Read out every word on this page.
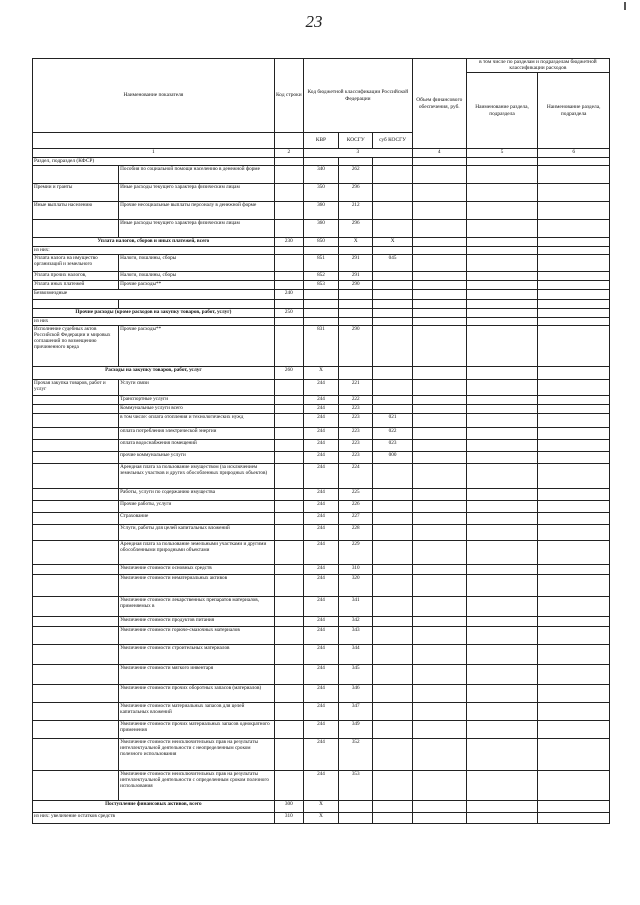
23
Наименование показателя		Код строки	Код бюджетной классификации Российской Федерации			Объем финансового обеспечения, руб.	в том числе по разделам и подразделам бюджетной классификации расходов	
							Наименование раздела, подраздела	Наименование раздела, подраздела
			КВР	КОСГУ	суб КОСГУ			
1		2	3			4	5	6
Раздел, подраздел (КФСР)								
	Пособия по социальной помощи населению в денежной форме		340	262				
Премии и гранты	Иные расходы текущего характера физическим лицам		350	296				
Иные выплаты населению	Прочие несоциальные выплаты персоналу в денежной форме		360	212				
	Иные расходы текущего характера физическим лицам		360	296				
Уплата налогов, сборов и иных платежей, всего		230	850	X	X			
из них:								
Уплата налога на имущество организаций и земельного	Налоги, пошлины, сборы		851	291	045			
Уплата прочих налогов,	Налоги, пошлины, сборы		852	291				
Уплата иных платежей	Прочие расходы**		853	290				
Безвозмездные		240						

Прочие расходы (кроме расходов на закупку товаров, работ, услуг)		250						
из них								
Исполнение судебных актов Российской Федерации и мировых соглашений по возмещению причиненного вреда	Прочие расходы**		831	290				
Расходы на закупку товаров, работ, услуг		260	X					
Прочая закупка товаров, работ и услуг	Услуги связи		244	221				
	Транспортные услуги		244	222				
	Коммунальные услуги всего		244	223				
	в том числе: оплата отопления и технологических нужд		244	223	021			
	оплата потребления электрической энергии		244	223	022			
	оплата водоснабжения помещений		244	223	023			
	прочие коммунальные услуги		244	223	000			
	Арендная плата за пользование имуществом (за исключением земельных участков и других обособленных природных объектов)		244	224				
	Работы, услуги по содержанию имущества		244	225				
	Прочие работы, услуги		244	226				
	Страхование		244	227				
	Услуги, работы для целей капитальных вложений		244	228				
	Арендная плата за пользование земельными участками и другими обособленными природными объектами		244	229				
	Увеличение стоимости основных средств		244	310				
	Увеличение стоимости нематериальных активов		244	320				
	Увеличение стоимости лекарственных препаратов материалов, применяемых в		244	341				
	Увеличение стоимости продуктов питания		244	342				
	Увеличение стоимости горюче-смазочных материалов		244	343				
	Увеличение стоимости строительных материалов		244	344				
	Увеличение стоимости мягкого инвентаря		244	345				
	Увеличение стоимости прочих оборотных запасов (материалов)		244	346				
	Увеличение стоимости материальных запасов для целей капитальных вложений		244	347				
	Увеличение стоимости прочих материальных запасов однократного применения		244	349				
	Увеличение стоимости неисключительных прав на результаты интеллектуальной деятельности с неопределенным сроком полезного использования		244	352				
	Увеличение стоимости неисключительных прав на результаты интеллектуальной деятельности с определенным сроком полезного использования		244	353				
Поступление финансовых активов, всего		300	X					
из них: увеличение остатков средств		310	X					
